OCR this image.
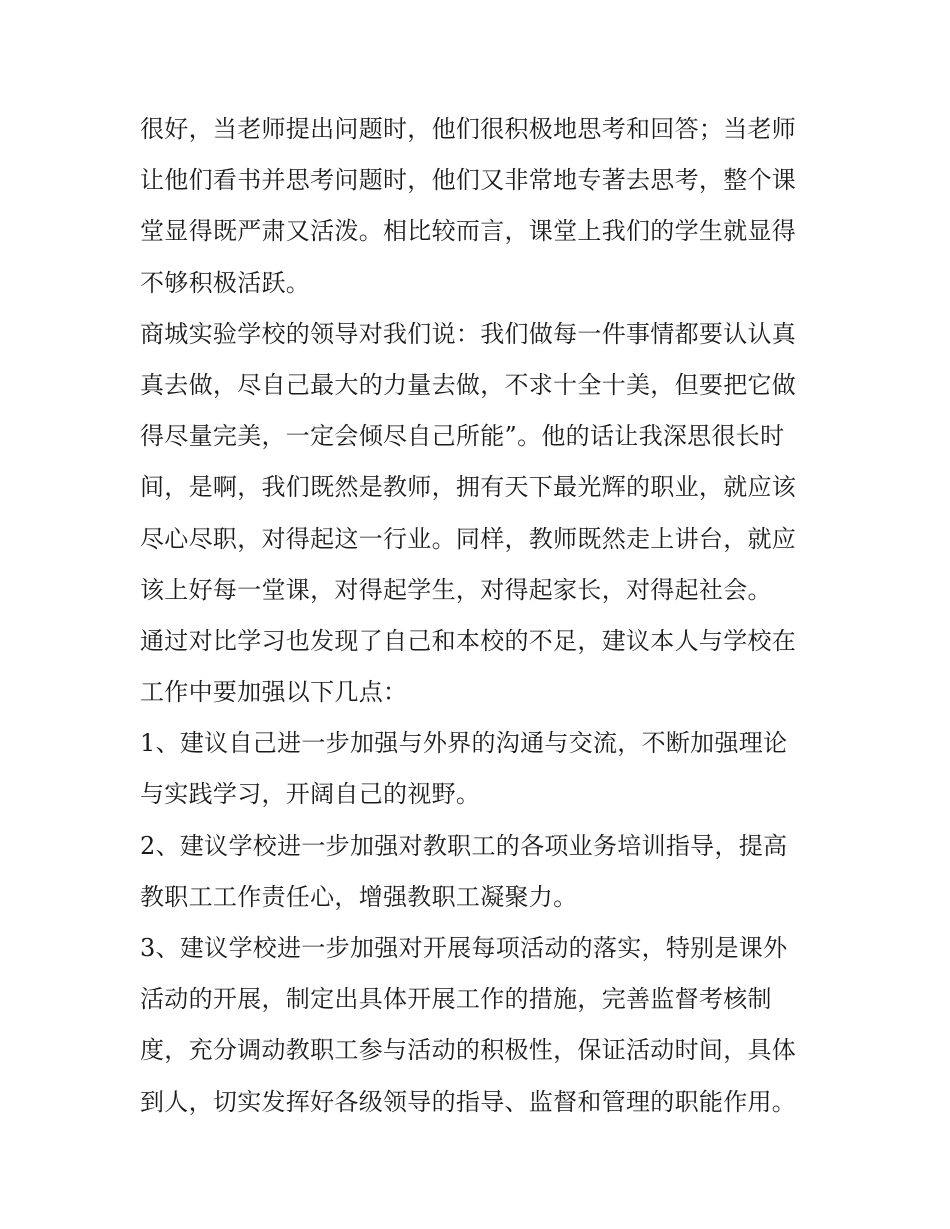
很好，当老师提出问题时，他们很积极地思考和回答；当老师
让他们看书并思考问题时，他们又非常地专著去思考，整个课
堂显得既严肃又活泼。相比较而言，课堂上我们的学生就显得
不够积极活跃。
商城实验学校的领导对我们说：我们做每一件事情都要认认真
真去做，尽自己最大的力量去做，不求十全十美，但要把它做
得尽量完美，一定会倾尽自己所能”。他的话让我深思很长时
间，是啊，我们既然是教师，拥有天下最光辉的职业，就应该
尽心尽职，对得起这一行业。同样，教师既然走上讲台，就应
该上好每一堂课，对得起学生，对得起家长，对得起社会。
通过对比学习也发现了自己和本校的不足，建议本人与学校在
工作中要加强以下几点：
1、建议自己进一步加强与外界的沟通与交流，不断加强理论
与实践学习，开阔自己的视野。
2、建议学校进一步加强对教职工的各项业务培训指导，提高
教职工工作责任心，增强教职工凝聚力。
3、建议学校进一步加强对开展每项活动的落实，特别是课外
活动的开展，制定出具体开展工作的措施，完善监督考核制
度，充分调动教职工参与活动的积极性，保证活动时间，具体
到人，切实发挥好各级领导的指导、监督和管理的职能作用。
